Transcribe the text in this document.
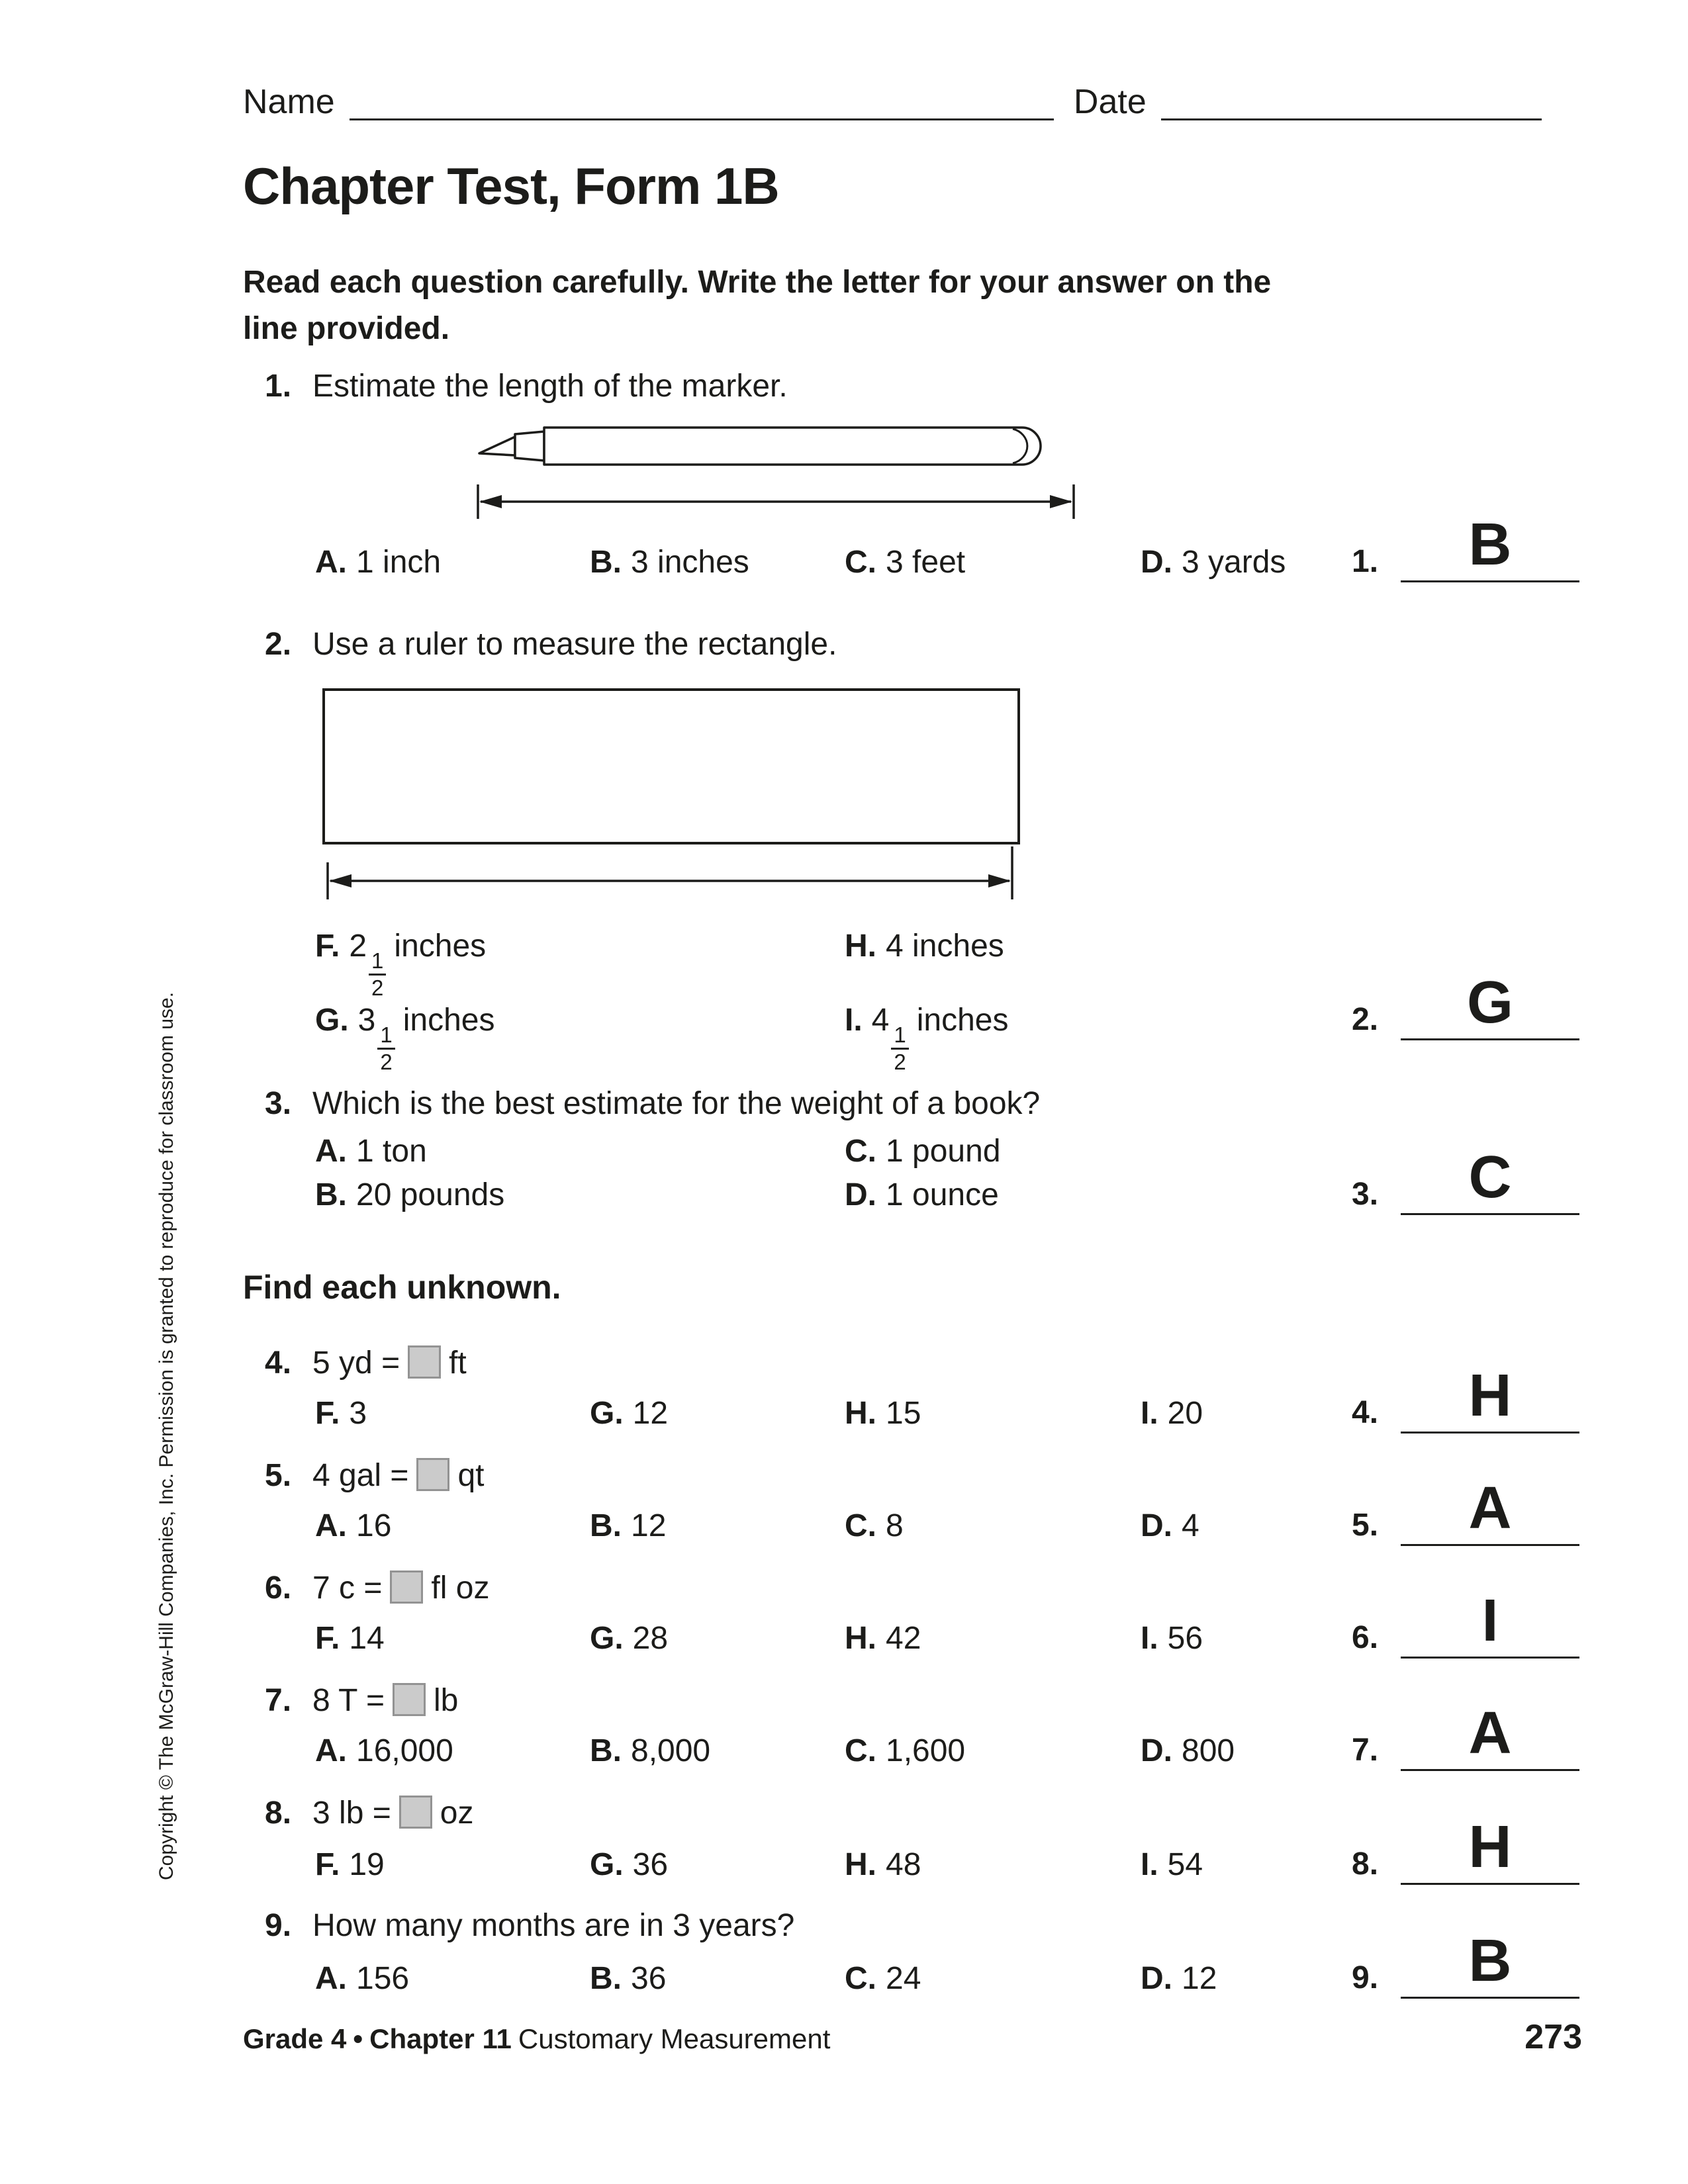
Name	Date
Chapter Test, Form 1B
Read each question carefully. Write the letter for your answer on the
line provided.
1. Estimate the length of the marker.
A. 1 inch	B. 3 inches	C. 3 feet	D. 3 yards 1.	B
2. Use a ruler to measure the rectangle.
F. 2
$\frac{1}{2}$
inches	H. 4 inches
G. 3
$\frac{1}{2}$
inches	I. 4
$\frac{1}{2}$
inches	2.	G
3. Which is the best estimate for the weight of a book?
A. 1 ton	C. 1 pound
B. 20 pounds	D. 1 ounce	3.	C
Find each unknown.
4. 5 yd = ft
F. 3	G. 12	H. 15	I. 20	4.	H
5. 4 gal = qt
A. 16	B. 12	C. 8	D. 4	5.	A
6. 7 c = fl oz
F. 14	G. 28	H. 42	I. 56	6.	I
7. 8 T = lb
A. 16,000	B. 8,000	C. 1,600	D. 800	7.	A
8. 3 lb = oz
F. 19	G. 36	H. 48	I. 54	8.	H
9. How many months are in 3 years?
A. 156	B. 36	C. 24	D. 12	9.	B
Grade 4 • Chapter 11 Customary Measurement	273
Copyright © The McGraw-Hill Companies, Inc. Permission is granted to reproduce for classroom use.
